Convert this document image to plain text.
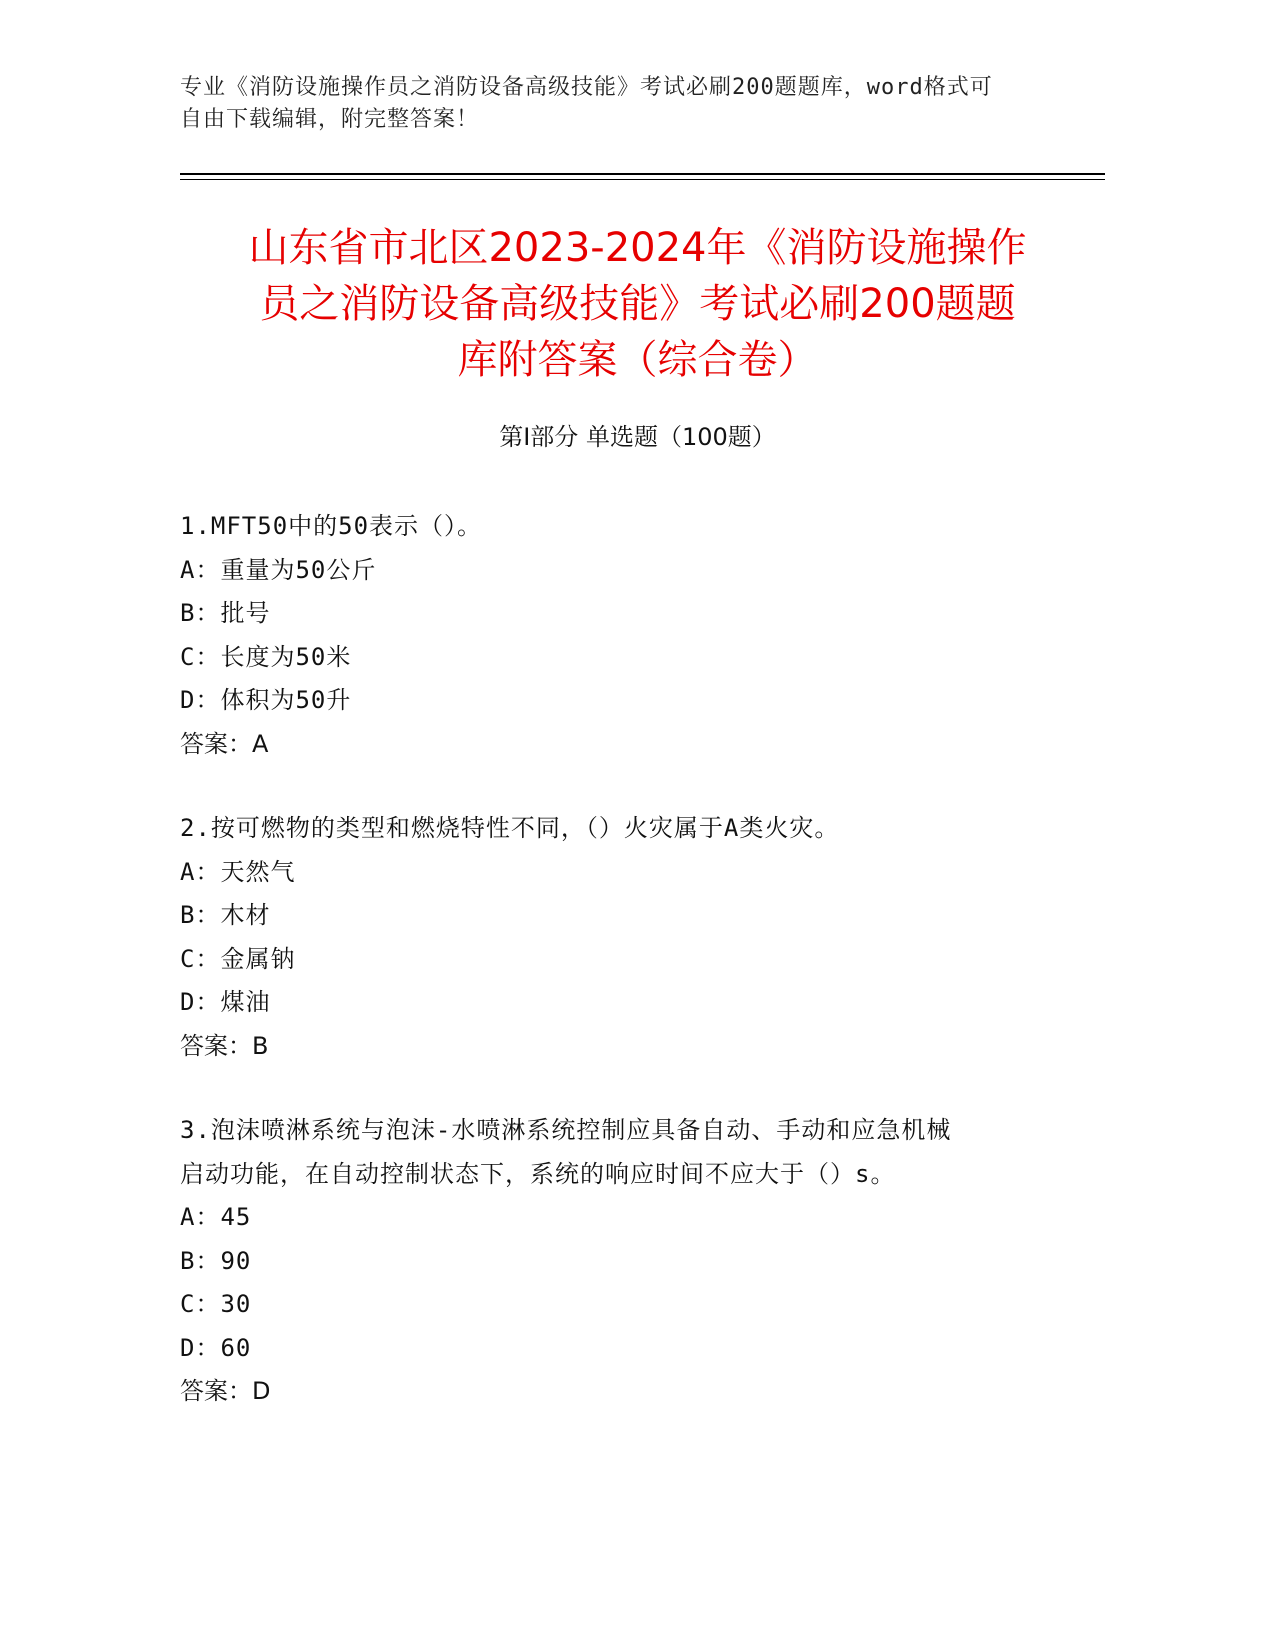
专业《消防设施操作员之消防设备高级技能》考试必刷200题题库，word格式可
自由下载编辑，附完整答案！
山东省市北区2023-2024年《消防设施操作
员之消防设备高级技能》考试必刷200题题
库附答案（综合卷）
第Ⅰ部分 单选题（100题）
1.MFT50中的50表示（）。
A：重量为50公斤
B：批号
C：长度为50米
D：体积为50升
答案：A
2.按可燃物的类型和燃烧特性不同，（）火灾属于A类火灾。
A：天然气
B：木材
C：金属钠
D：煤油
答案：B
3.泡沫喷淋系统与泡沫-水喷淋系统控制应具备自动、手动和应急机械
启动功能，在自动控制状态下，系统的响应时间不应大于（）s。
A：45
B：90
C：30
D：60
答案：D
